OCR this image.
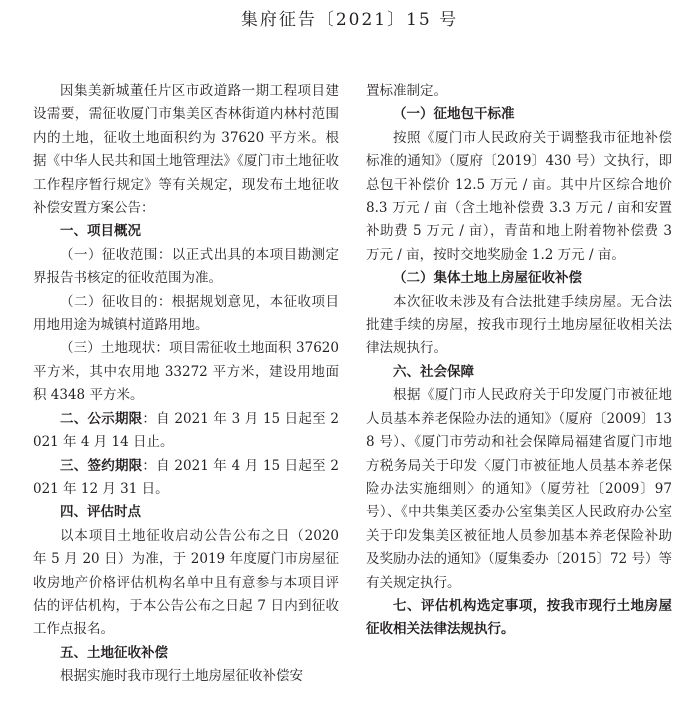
集府征告〔2021〕15 号

因集美新城董任片区市政道路一期工程项目建设需要，需征收厦门市集美区杏林街道内林村范围内的土地，征收土地面积约为 37620 平方米。根据《中华人民共和国土地管理法》《厦门市土地征收工作程序暂行规定》等有关规定，现发布土地征收补偿安置方案公告：

一、项目概况

（一）征收范围：以正式出具的本项目勘测定界报告书核定的征收范围为准。

（二）征收目的：根据规划意见，本征收项目用地用途为城镇村道路用地。

（三）土地现状：项目需征收土地面积 37620 平方米，其中农用地 33272 平方米，建设用地面积 4348 平方米。

二、公示期限：自 2021 年 3 月 15 日起至 2021 年 4 月 14 日止。

三、签约期限：自 2021 年 4 月 15 日起至 2021 年 12 月 31 日。

四、评估时点

以本项目土地征收启动公告公布之日（2020 年 5 月 20 日）为准，于 2019 年度厦门市房屋征收房地产价格评估机构名单中且有意参与本项目评估的评估机构，于本公告公布之日起 7 日内到征收工作点报名。

五、土地征收补偿

根据实施时我市现行土地房屋征收补偿安

置标准制定。

（一）征地包干标准

按照《厦门市人民政府关于调整我市征地补偿标准的通知》（厦府〔2019〕430 号）文执行，即总包干补偿价 12.5 万元 / 亩。其中片区综合地价 8.3 万元 / 亩（含土地补偿费 3.3 万元 / 亩和安置补助费 5 万元 / 亩），青苗和地上附着物补偿费 3 万元 / 亩，按时交地奖励金 1.2 万元 / 亩。

（二）集体土地上房屋征收补偿

本次征收未涉及有合法批建手续房屋。无合法批建手续的房屋，按我市现行土地房屋征收相关法律法规执行。

六、社会保障

根据《厦门市人民政府关于印发厦门市被征地人员基本养老保险办法的通知》（厦府〔2009〕138 号）、《厦门市劳动和社会保障局福建省厦门市地方税务局关于印发〈厦门市被征地人员基本养老保险办法实施细则〉的通知》（厦劳社〔2009〕97 号）、《中共集美区委办公室集美区人民政府办公室关于印发集美区被征地人员参加基本养老保险补助及奖励办法的通知》（厦集委办〔2015〕72 号）等有关规定执行。

七、评估机构选定事项，按我市现行土地房屋征收相关法律法规执行。
